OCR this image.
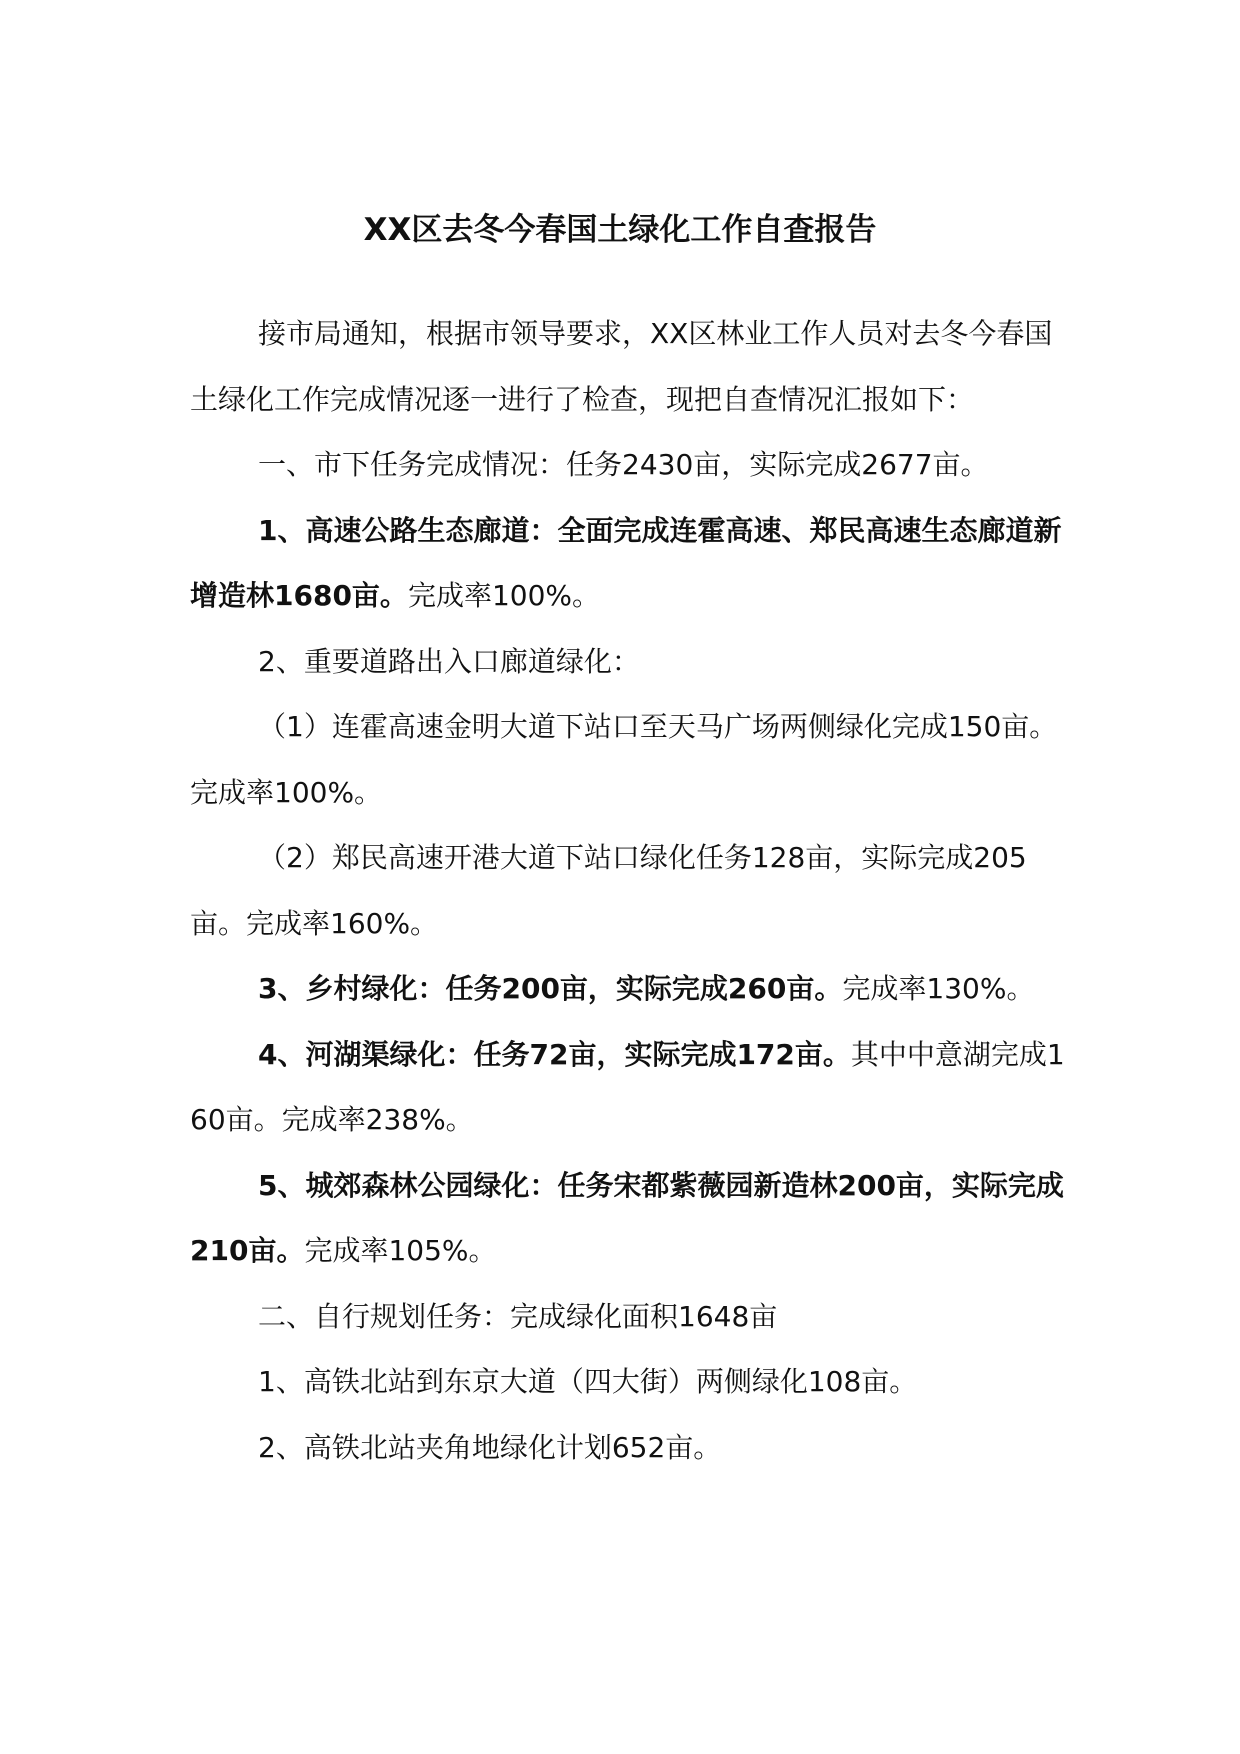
XX区去冬今春国土绿化工作自查报告

接市局通知，根据市领导要求，XX区林业工作人员对去冬今春国土绿化工作完成情况逐一进行了检查，现把自查情况汇报如下：

一、市下任务完成情况：任务2430亩，实际完成2677亩。

1、高速公路生态廊道：全面完成连霍高速、郑民高速生态廊道新增造林1680亩。完成率100%。

2、重要道路出入口廊道绿化：

（1）连霍高速金明大道下站口至天马广场两侧绿化完成150亩。完成率100%。

（2）郑民高速开港大道下站口绿化任务128亩，实际完成205亩。完成率160%。

3、乡村绿化：任务200亩，实际完成260亩。完成率130%。

4、河湖渠绿化：任务72亩，实际完成172亩。其中中意湖完成160亩。完成率238%。

5、城郊森林公园绿化：任务宋都紫薇园新造林200亩，实际完成210亩。完成率105%。

二、自行规划任务：完成绿化面积1648亩

1、高铁北站到东京大道（四大街）两侧绿化108亩。

2、高铁北站夹角地绿化计划652亩。
